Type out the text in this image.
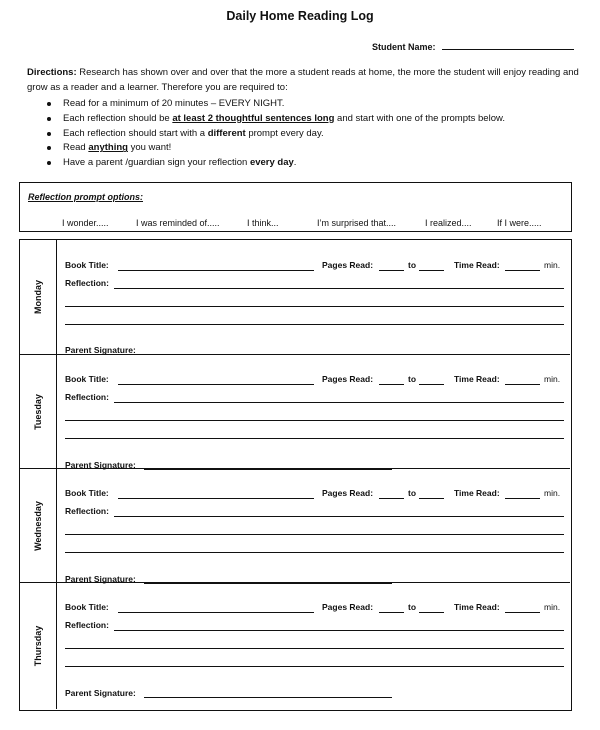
Daily Home Reading Log
Student Name:
Directions: Research has shown over and over that the more a student reads at home, the more the student will enjoy reading and grow as a reader and a learner. Therefore you are required to:
Read for a minimum of 20 minutes – EVERY NIGHT.
Each reflection should be at least 2 thoughtful sentences long and start with one of the prompts below.
Each reflection should start with a different prompt every day.
Read anything you want!
Have a parent /guardian sign your reflection every day.
Reflection prompt options:
I wonder.....	I was reminded of.....	I think...	I’m surprised that....	I realized....	If I were.....
Monday
Book Title:	Pages Read:	to	Time Read:	min.
Reflection:
Parent Signature:
Tuesday
Book Title:	Pages Read:	to	Time Read:	min.
Reflection:
Parent Signature:
Wednesday
Book Title:	Pages Read:	to	Time Read:	min.
Reflection:
Parent Signature:
Thursday
Book Title:	Pages Read:	to	Time Read:	min.
Reflection:
Parent Signature:
